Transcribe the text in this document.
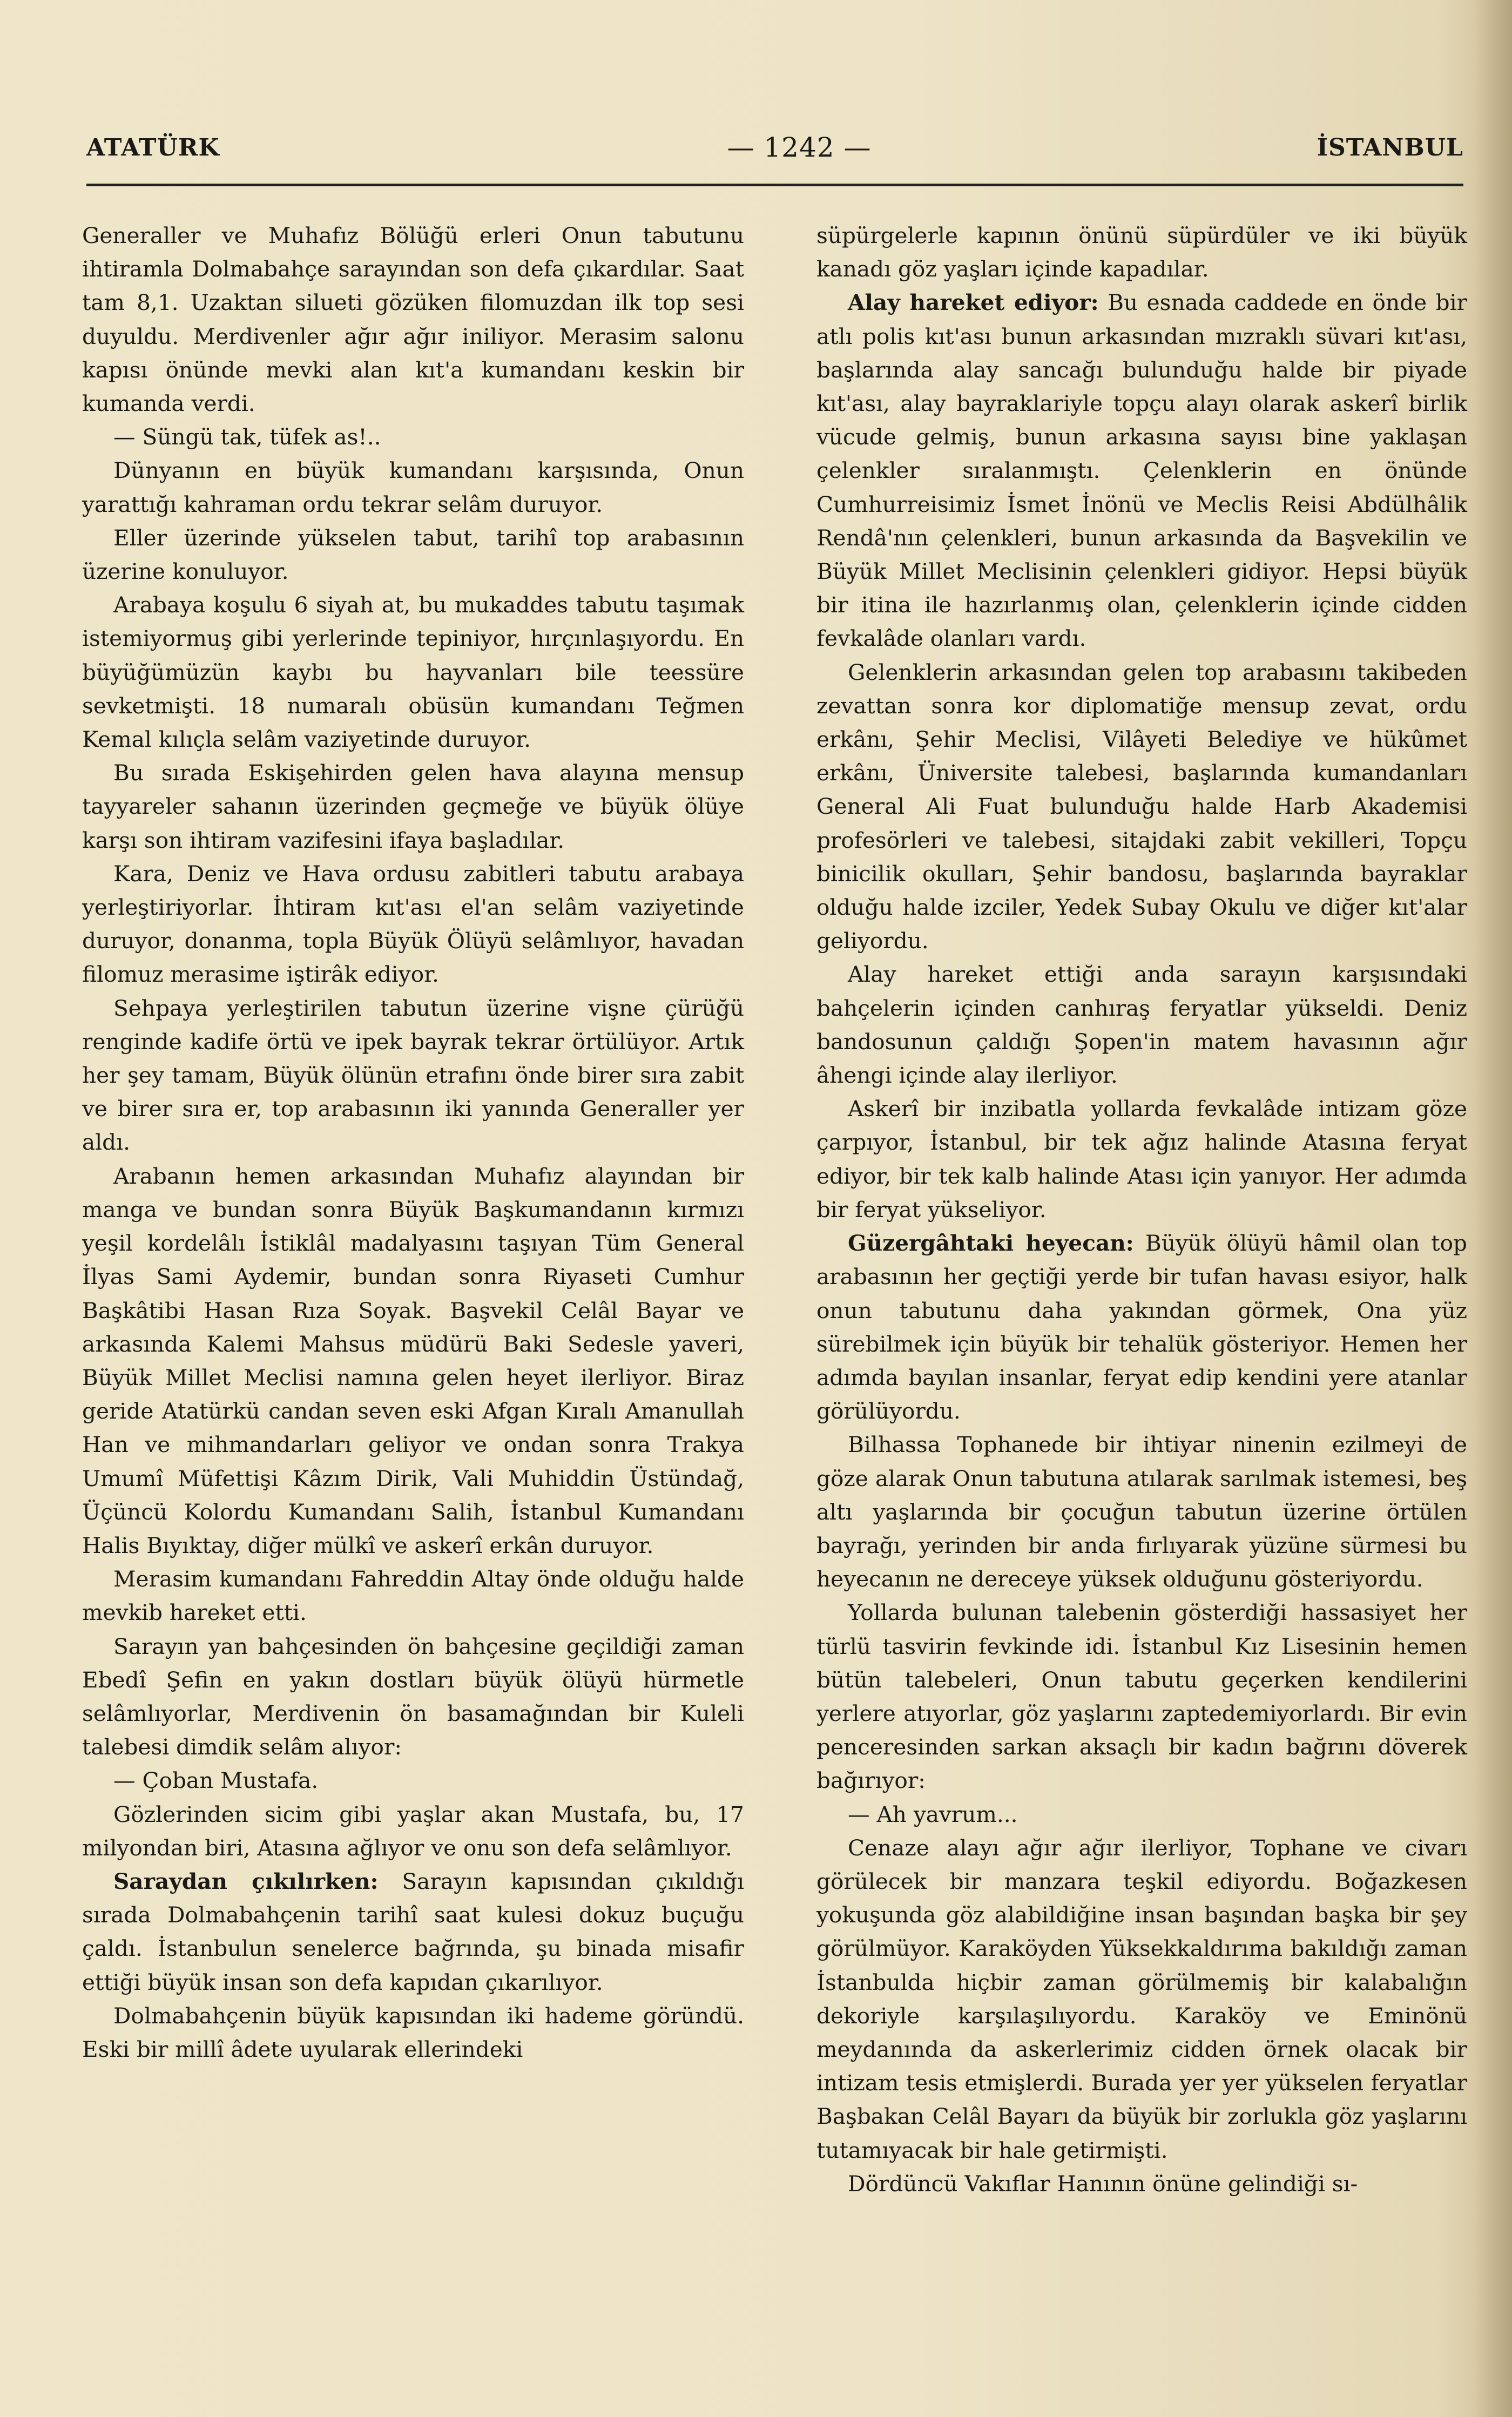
ATATÜRK	— 1242 —	İSTANBUL

Generaller ve Muhafız Bölüğü erleri Onun tabutunu ihtiramla Dolmabahçe sarayından son defa çıkardılar. Saat tam 8,1. Uzaktan silueti gözüken filomuzdan ilk top sesi duyuldu. Merdivenler ağır ağır iniliyor. Merasim salonu kapısı önünde mevki alan kıt'a kumandanı keskin bir kumanda verdi.

— Süngü tak, tüfek as!..

Dünyanın en büyük kumandanı karşısında, Onun yarattığı kahraman ordu tekrar selâm duruyor.

Eller üzerinde yükselen tabut, tarihî top arabasının üzerine konuluyor.

Arabaya koşulu 6 siyah at, bu mukaddes tabutu taşımak istemiyormuş gibi yerlerinde tepiniyor, hırçınlaşıyordu. En büyüğümüzün kaybı bu hayvanları bile teessüre sevketmişti. 18 numaralı obüsün kumandanı Teğmen Kemal kılıçla selâm vaziyetinde duruyor.

Bu sırada Eskişehirden gelen hava alayına mensup tayyareler sahanın üzerinden geçmeğe ve büyük ölüye karşı son ihtiram vazifesini ifaya başladılar.

Kara, Deniz ve Hava ordusu zabitleri tabutu arabaya yerleştiriyorlar. İhtiram kıt'ası el'an selâm vaziyetinde duruyor, donanma, topla Büyük Ölüyü selâmlıyor, havadan filomuz merasime iştirâk ediyor.

Sehpaya yerleştirilen tabutun üzerine vişne çürüğü renginde kadife örtü ve ipek bayrak tekrar örtülüyor. Artık her şey tamam, Büyük ölünün etrafını önde birer sıra zabit ve birer sıra er, top arabasının iki yanında Generaller yer aldı.

Arabanın hemen arkasından Muhafız alayından bir manga ve bundan sonra Büyük Başkumandanın kırmızı yeşil kordelâlı İstiklâl madalyasını taşıyan Tüm General İlyas Sami Aydemir, bundan sonra Riyaseti Cumhur Başkâtibi Hasan Rıza Soyak. Başvekil Celâl Bayar ve arkasında Kalemi Mahsus müdürü Baki Sedesle yaveri, Büyük Millet Meclisi namına gelen heyet ilerliyor. Biraz geride Atatürkü candan seven eski Afgan Kıralı Amanullah Han ve mihmandarları geliyor ve ondan sonra Trakya Umumî Müfettişi Kâzım Dirik, Vali Muhiddin Üstündağ, Üçüncü Kolordu Kumandanı Salih, İstanbul Kumandanı Halis Bıyıktay, diğer mülkî ve askerî erkân duruyor.

Merasim kumandanı Fahreddin Altay önde olduğu halde mevkib hareket etti.

Sarayın yan bahçesinden ön bahçesine geçildiği zaman Ebedî Şefin en yakın dostları büyük ölüyü hürmetle selâmlıyorlar, Merdivenin ön basamağından bir Kuleli talebesi dimdik selâm alıyor:

— Çoban Mustafa.

Gözlerinden sicim gibi yaşlar akan Mustafa, bu, 17 milyondan biri, Atasına ağlıyor ve onu son defa selâmlıyor.

Saraydan çıkılırken: Sarayın kapısından çıkıldığı sırada Dolmabahçenin tarihî saat kulesi dokuz buçuğu çaldı. İstanbulun senelerce bağrında, şu binada misafir ettiği büyük insan son defa kapıdan çıkarılıyor.

Dolmabahçenin büyük kapısından iki hademe göründü. Eski bir millî âdete uyularak ellerindeki

süpürgelerle kapının önünü süpürdüler ve iki büyük kanadı göz yaşları içinde kapadılar.

Alay hareket ediyor: Bu esnada caddede en önde bir atlı polis kıt'ası bunun arkasından mızraklı süvari kıt'ası, başlarında alay sancağı bulunduğu halde bir piyade kıt'ası, alay bayraklariyle topçu alayı olarak askerî birlik vücude gelmiş, bunun arkasına sayısı bine yaklaşan çelenkler sıralanmıştı. Çelenklerin en önünde Cumhurreisimiz İsmet İnönü ve Meclis Reisi Abdülhâlik Rendâ'nın çelenkleri, bunun arkasında da Başvekilin ve Büyük Millet Meclisinin çelenkleri gidiyor. Hepsi büyük bir itina ile hazırlanmış olan, çelenklerin içinde cidden fevkalâde olanları vardı.

Gelenklerin arkasından gelen top arabasını takibeden zevattan sonra kor diplomatiğe mensup zevat, ordu erkânı, Şehir Meclisi, Vilâyeti Belediye ve hükûmet erkânı, Üniversite talebesi, başlarında kumandanları General Ali Fuat bulunduğu halde Harb Akademisi profesörleri ve talebesi, sitajdaki zabit vekilleri, Topçu binicilik okulları, Şehir bandosu, başlarında bayraklar olduğu halde izciler, Yedek Subay Okulu ve diğer kıt'alar geliyordu.

Alay hareket ettiği anda sarayın karşısındaki bahçelerin içinden canhıraş feryatlar yükseldi. Deniz bandosunun çaldığı Şopen'in matem havasının ağır âhengi içinde alay ilerliyor.

Askerî bir inzibatla yollarda fevkalâde intizam göze çarpıyor, İstanbul, bir tek ağız halinde Atasına feryat ediyor, bir tek kalb halinde Atası için yanıyor. Her adımda bir feryat yükseliyor.

Güzergâhtaki heyecan: Büyük ölüyü hâmil olan top arabasının her geçtiği yerde bir tufan havası esiyor, halk onun tabutunu daha yakından görmek, Ona yüz sürebilmek için büyük bir tehalük gösteriyor. Hemen her adımda bayılan insanlar, feryat edip kendini yere atanlar görülüyordu.

Bilhassa Tophanede bir ihtiyar ninenin ezilmeyi de göze alarak Onun tabutuna atılarak sarılmak istemesi, beş altı yaşlarında bir çocuğun tabutun üzerine örtülen bayrağı, yerinden bir anda fırlıyarak yüzüne sürmesi bu heyecanın ne dereceye yüksek olduğunu gösteriyordu.

Yollarda bulunan talebenin gösterdiği hassasiyet her türlü tasvirin fevkinde idi. İstanbul Kız Lisesinin hemen bütün talebeleri, Onun tabutu geçerken kendilerini yerlere atıyorlar, göz yaşlarını zaptedemiyorlardı. Bir evin penceresinden sarkan aksaçlı bir kadın bağrını döverek bağırıyor:

— Ah yavrum...

Cenaze alayı ağır ağır ilerliyor, Tophane ve civarı görülecek bir manzara teşkil ediyordu. Boğazkesen yokuşunda göz alabildiğine insan başından başka bir şey görülmüyor. Karaköyden Yüksekkaldırıma bakıldığı zaman İstanbulda hiçbir zaman görülmemiş bir kalabalığın dekoriyle karşılaşılıyordu. Karaköy ve Eminönü meydanında da askerlerimiz cidden örnek olacak bir intizam tesis etmişlerdi. Burada yer yer yükselen feryatlar Başbakan Celâl Bayarı da büyük bir zorlukla göz yaşlarını tutamıyacak bir hale getirmişti.

Dördüncü Vakıflar Hanının önüne gelindiği sı-
